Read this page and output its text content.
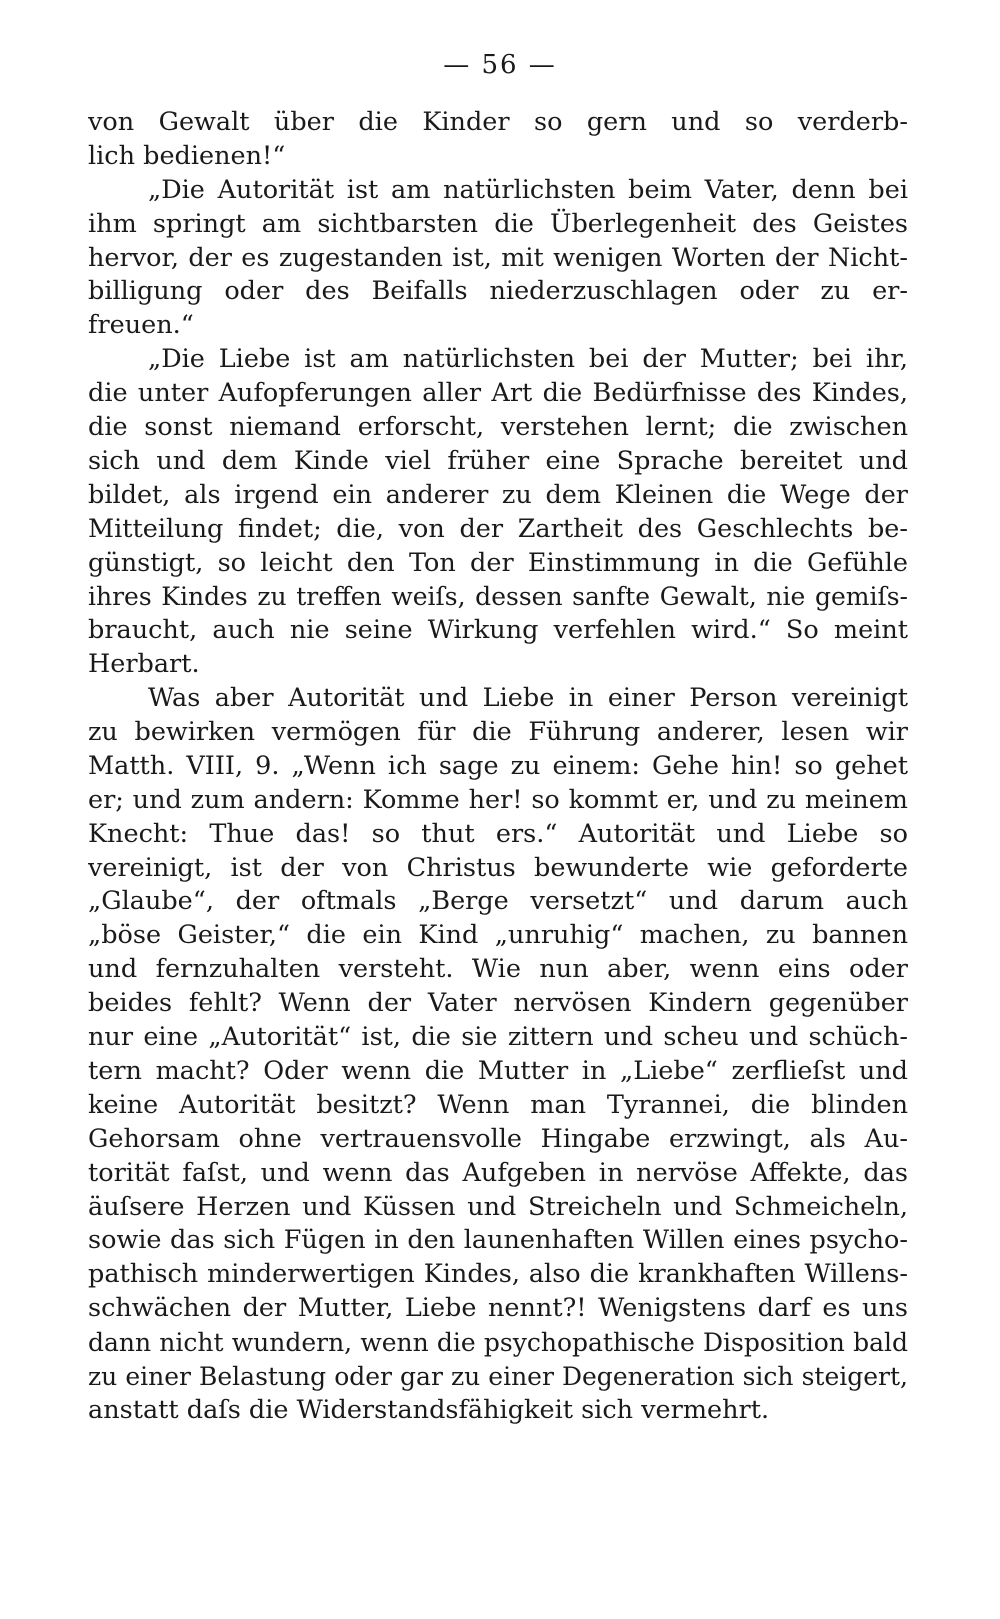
— 56 —
von Gewalt über die Kinder so gern und so verderb-
lich bedienen!“
„Die Autorität ist am natürlichsten beim Vater, denn bei
ihm springt am sichtbarsten die Überlegenheit des Geistes
hervor, der es zugestanden ist, mit wenigen Worten der Nicht-
billigung oder des Beifalls niederzuschlagen oder zu er-
freuen.“
„Die Liebe ist am natürlichsten bei der Mutter; bei ihr,
die unter Aufopferungen aller Art die Bedürfnisse des Kindes,
die sonst niemand erforscht, verstehen lernt; die zwischen
sich und dem Kinde viel früher eine Sprache bereitet und
bildet, als irgend ein anderer zu dem Kleinen die Wege der
Mitteilung findet; die, von der Zartheit des Geschlechts be-
günstigt, so leicht den Ton der Einstimmung in die Gefühle
ihres Kindes zu treffen weiſs, dessen sanfte Gewalt, nie gemiſs-
braucht, auch nie seine Wirkung verfehlen wird.“ So meint
Herbart.
Was aber Autorität und Liebe in einer Person vereinigt
zu bewirken vermögen für die Führung anderer, lesen wir
Matth. VIII, 9. „Wenn ich sage zu einem: Gehe hin! so gehet
er; und zum andern: Komme her! so kommt er, und zu meinem
Knecht: Thue das! so thut ers.“ Autorität und Liebe so
vereinigt, ist der von Christus bewunderte wie geforderte
„Glaube“, der oftmals „Berge versetzt“ und darum auch
„böse Geister,“ die ein Kind „unruhig“ machen, zu bannen
und fernzuhalten versteht. Wie nun aber, wenn eins oder
beides fehlt? Wenn der Vater nervösen Kindern gegenüber
nur eine „Autorität“ ist, die sie zittern und scheu und schüch-
tern macht? Oder wenn die Mutter in „Liebe“ zerflieſst und
keine Autorität besitzt? Wenn man Tyrannei, die blinden
Gehorsam ohne vertrauensvolle Hingabe erzwingt, als Au-
torität faſst, und wenn das Aufgeben in nervöse Affekte, das
äuſsere Herzen und Küssen und Streicheln und Schmeicheln,
sowie das sich Fügen in den launenhaften Willen eines psycho-
pathisch minderwertigen Kindes, also die krankhaften Willens-
schwächen der Mutter, Liebe nennt?! Wenigstens darf es uns
dann nicht wundern, wenn die psychopathische Disposition bald
zu einer Belastung oder gar zu einer Degeneration sich steigert,
anstatt daſs die Widerstandsfähigkeit sich vermehrt.
